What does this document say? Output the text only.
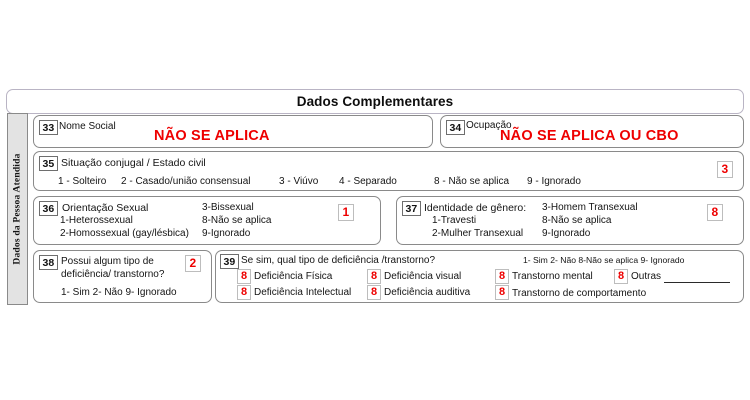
Dados Complementares
Dados da Pessoa Atendida
33 Nome Social
NÃO SE APLICA	34 Ocupação
NÃO SE APLICA OU CBO
35 Situação conjugal / Estado civil
1 - Solteiro 2 - Casado/união consensual	3 - Viúvo 4 - Separado	8 - Não se aplica 9 - Ignorado
3
36 Orientação Sexual
1-Heterossexual
2-Homossexual (gay/lésbica)
3-Bissexual
8-Não se aplica
9-Ignorado
1	37 Identidade de gênero:
1-Travesti
2-Mulher Transexual
3-Homem Transexual
8-Não se aplica
9-Ignorado
8
38 Possui algum tipo de
deficiência/ transtorno?
1- Sim 2- Não 9- Ignorado
2	39 Se sim, qual tipo de deficiência /transtorno?	1- Sim 2- Não 8-Não se aplica 9- Ignorado
8 Deficiência Física
8 Deficiência Intelectual
8 Deficiência visual
8 Deficiência auditiva
8 Transtorno mental
8 Transtorno de comportamento
8 Outras
